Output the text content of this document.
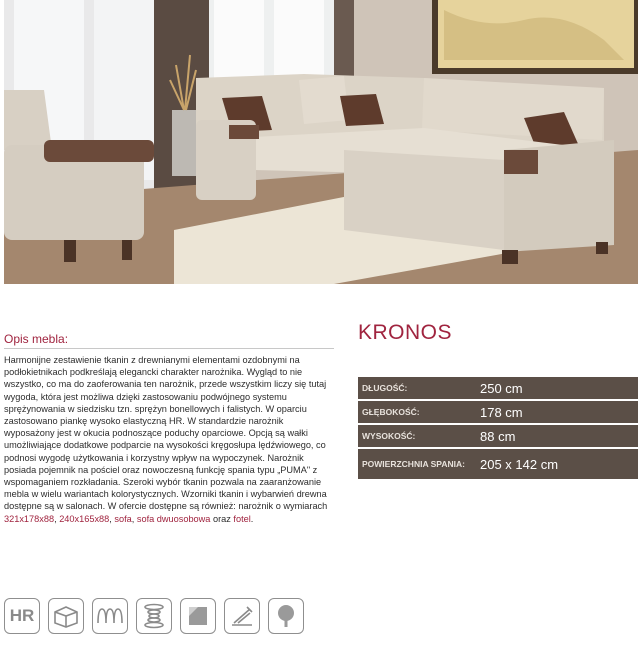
Opis mebla:
Harmonijne zestawienie tkanin z drewnianymi elementami ozdobnymi na podłokietnikach podkreślają elegancki charakter narożnika. Wygląd to nie wszystko, co ma do zaoferowania ten narożnik, przede wszystkim liczy się tutaj wygoda, która jest możliwa dzięki zastosowaniu podwójnego systemu sprężynowania w siedzisku tzn. sprężyn bonellowych i falistych. W oparciu zastosowano piankę wysoko elastyczną HR. W standardzie narożnik wyposażony jest w okucia podnoszące poduchy oparciowe. Opcją są wałki umożliwiające dodatkowe podparcie na wysokości kręgosłupa lędźwiowego, co podnosi wygodę użytkowania i korzystny wpływ na wypoczynek. Narożnik posiada pojemnik na pościel oraz nowoczesną funkcję spania typu „PUMA" z wspomaganiem rozkładania. Szeroki wybór tkanin pozwala na zaaranżowanie mebla w wielu wariantach kolorystycznych. Wzorniki tkanin i wybarwień drewna dostępne są w salonach. W ofercie dostępne są również: narożnik o wymiarach 321x178x88, 240x165x88, sofa, sofa dwuosobowa oraz fotel.
KRONOS
DŁUGOŚĆ:	250 cm
GŁĘBOKOŚĆ:	178 cm
WYSOKOŚĆ:	88 cm
POWIERZCHNIA SPANIA:	205 x 142 cm
HR
